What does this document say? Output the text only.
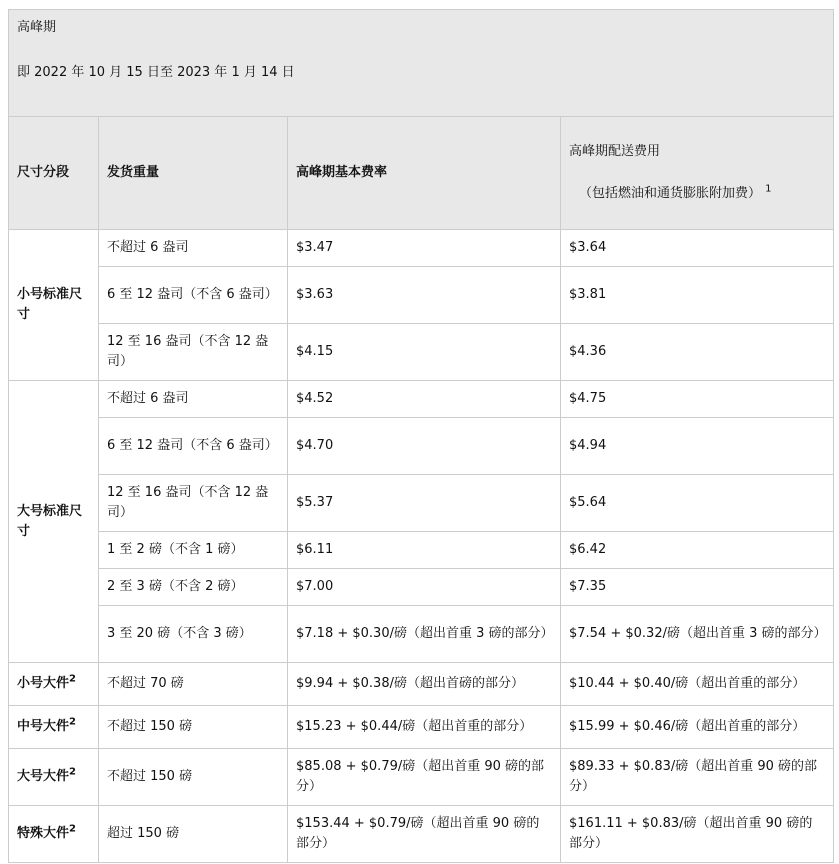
高峰期

即 2022 年 10 月 15 日至 2023 年 1 月 14 日			

尺寸分段	发货重量	高峰期基本费率	高峰期配送费用
（包括燃油和通货膨胀附加费） $^1$

小号标准尺寸	不超过 6 盎司	$3.47	$3.64
	6 至 12 盎司（不含 6 盎司）	$3.63	$3.81
	12 至 16 盎司（不含 12 盎司）	$4.15	$4.36
大号标准尺寸	不超过 6 盎司	$4.52	$4.75
	6 至 12 盎司（不含 6 盎司）	$4.70	$4.94
	12 至 16 盎司（不含 12 盎司）	$5.37	$5.64
	1 至 2 磅（不含 1 磅）	$6.11	$6.42
	2 至 3 磅（不含 2 磅）	$7.00	$7.35
	3 至 20 磅（不含 3 磅）	$7.18 + $0.30/磅（超出首重 3 磅的部分）	$7.54 + $0.32/磅（超出首重 3 磅的部分）
小号大件$^2$	不超过 70 磅	$9.94 + $0.38/磅（超出首磅的部分）	$10.44 + $0.40/磅（超出首重的部分）
中号大件$^2$	不超过 150 磅	$15.23 + $0.44/磅（超出首重的部分）	$15.99 + $0.46/磅（超出首重的部分）
大号大件$^2$	不超过 150 磅	$85.08 + $0.79/磅（超出首重 90 磅的部分）	$89.33 + $0.83/磅（超出首重 90 磅的部分）
特殊大件$^2$	超过 150 磅	$153.44 + $0.79/磅（超出首重 90 磅的部分）	$161.11 + $0.83/磅（超出首重 90 磅的部分）
